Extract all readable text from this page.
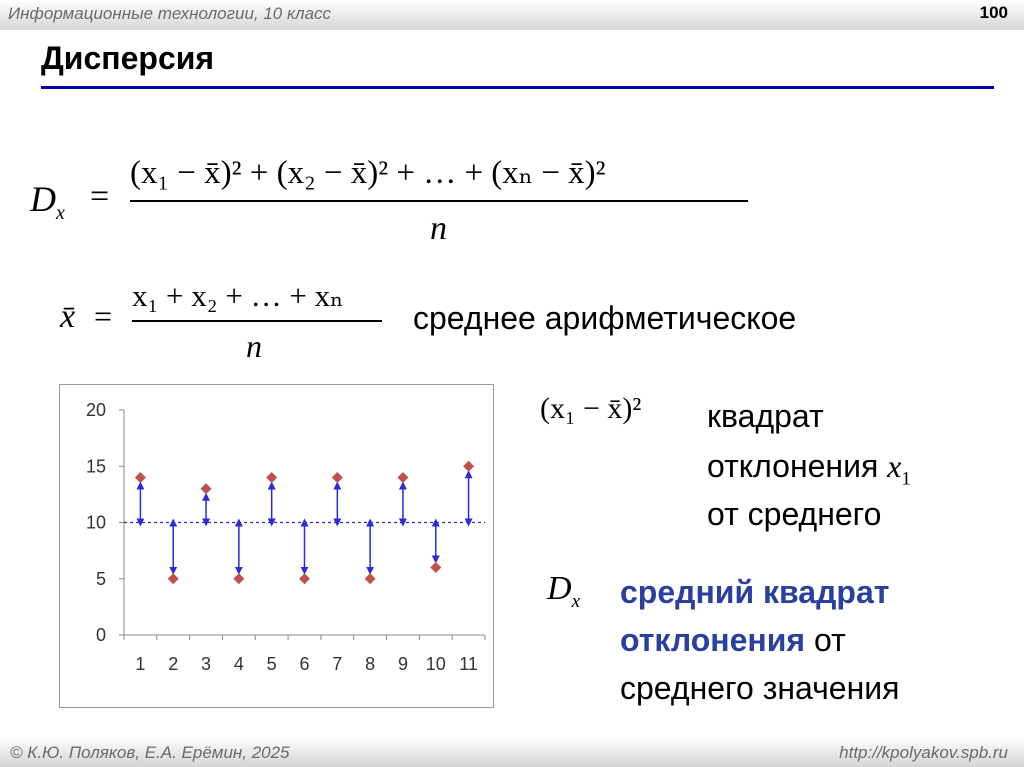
Информационные технологии, 10 класс	100
Дисперсия
$D_x$ =
(x₁ − x̄)² + (x₂ − x̄)² + … + (xₙ − x̄)²
n
x̄ =
x₁ + x₂ + … + xₙ
n
среднее арифметическое
0
5
10
15
20
1 2 3 4 5 6 7 8 9 10 11
(x₁ − x̄)² квадрат
отклонения $x_1$
от среднего
$D_x$ средний квадрат
отклонения от
среднего значения
© К.Ю. Поляков, Е.А. Ерёмин, 2025	http://kpolyakov.spb.ru
